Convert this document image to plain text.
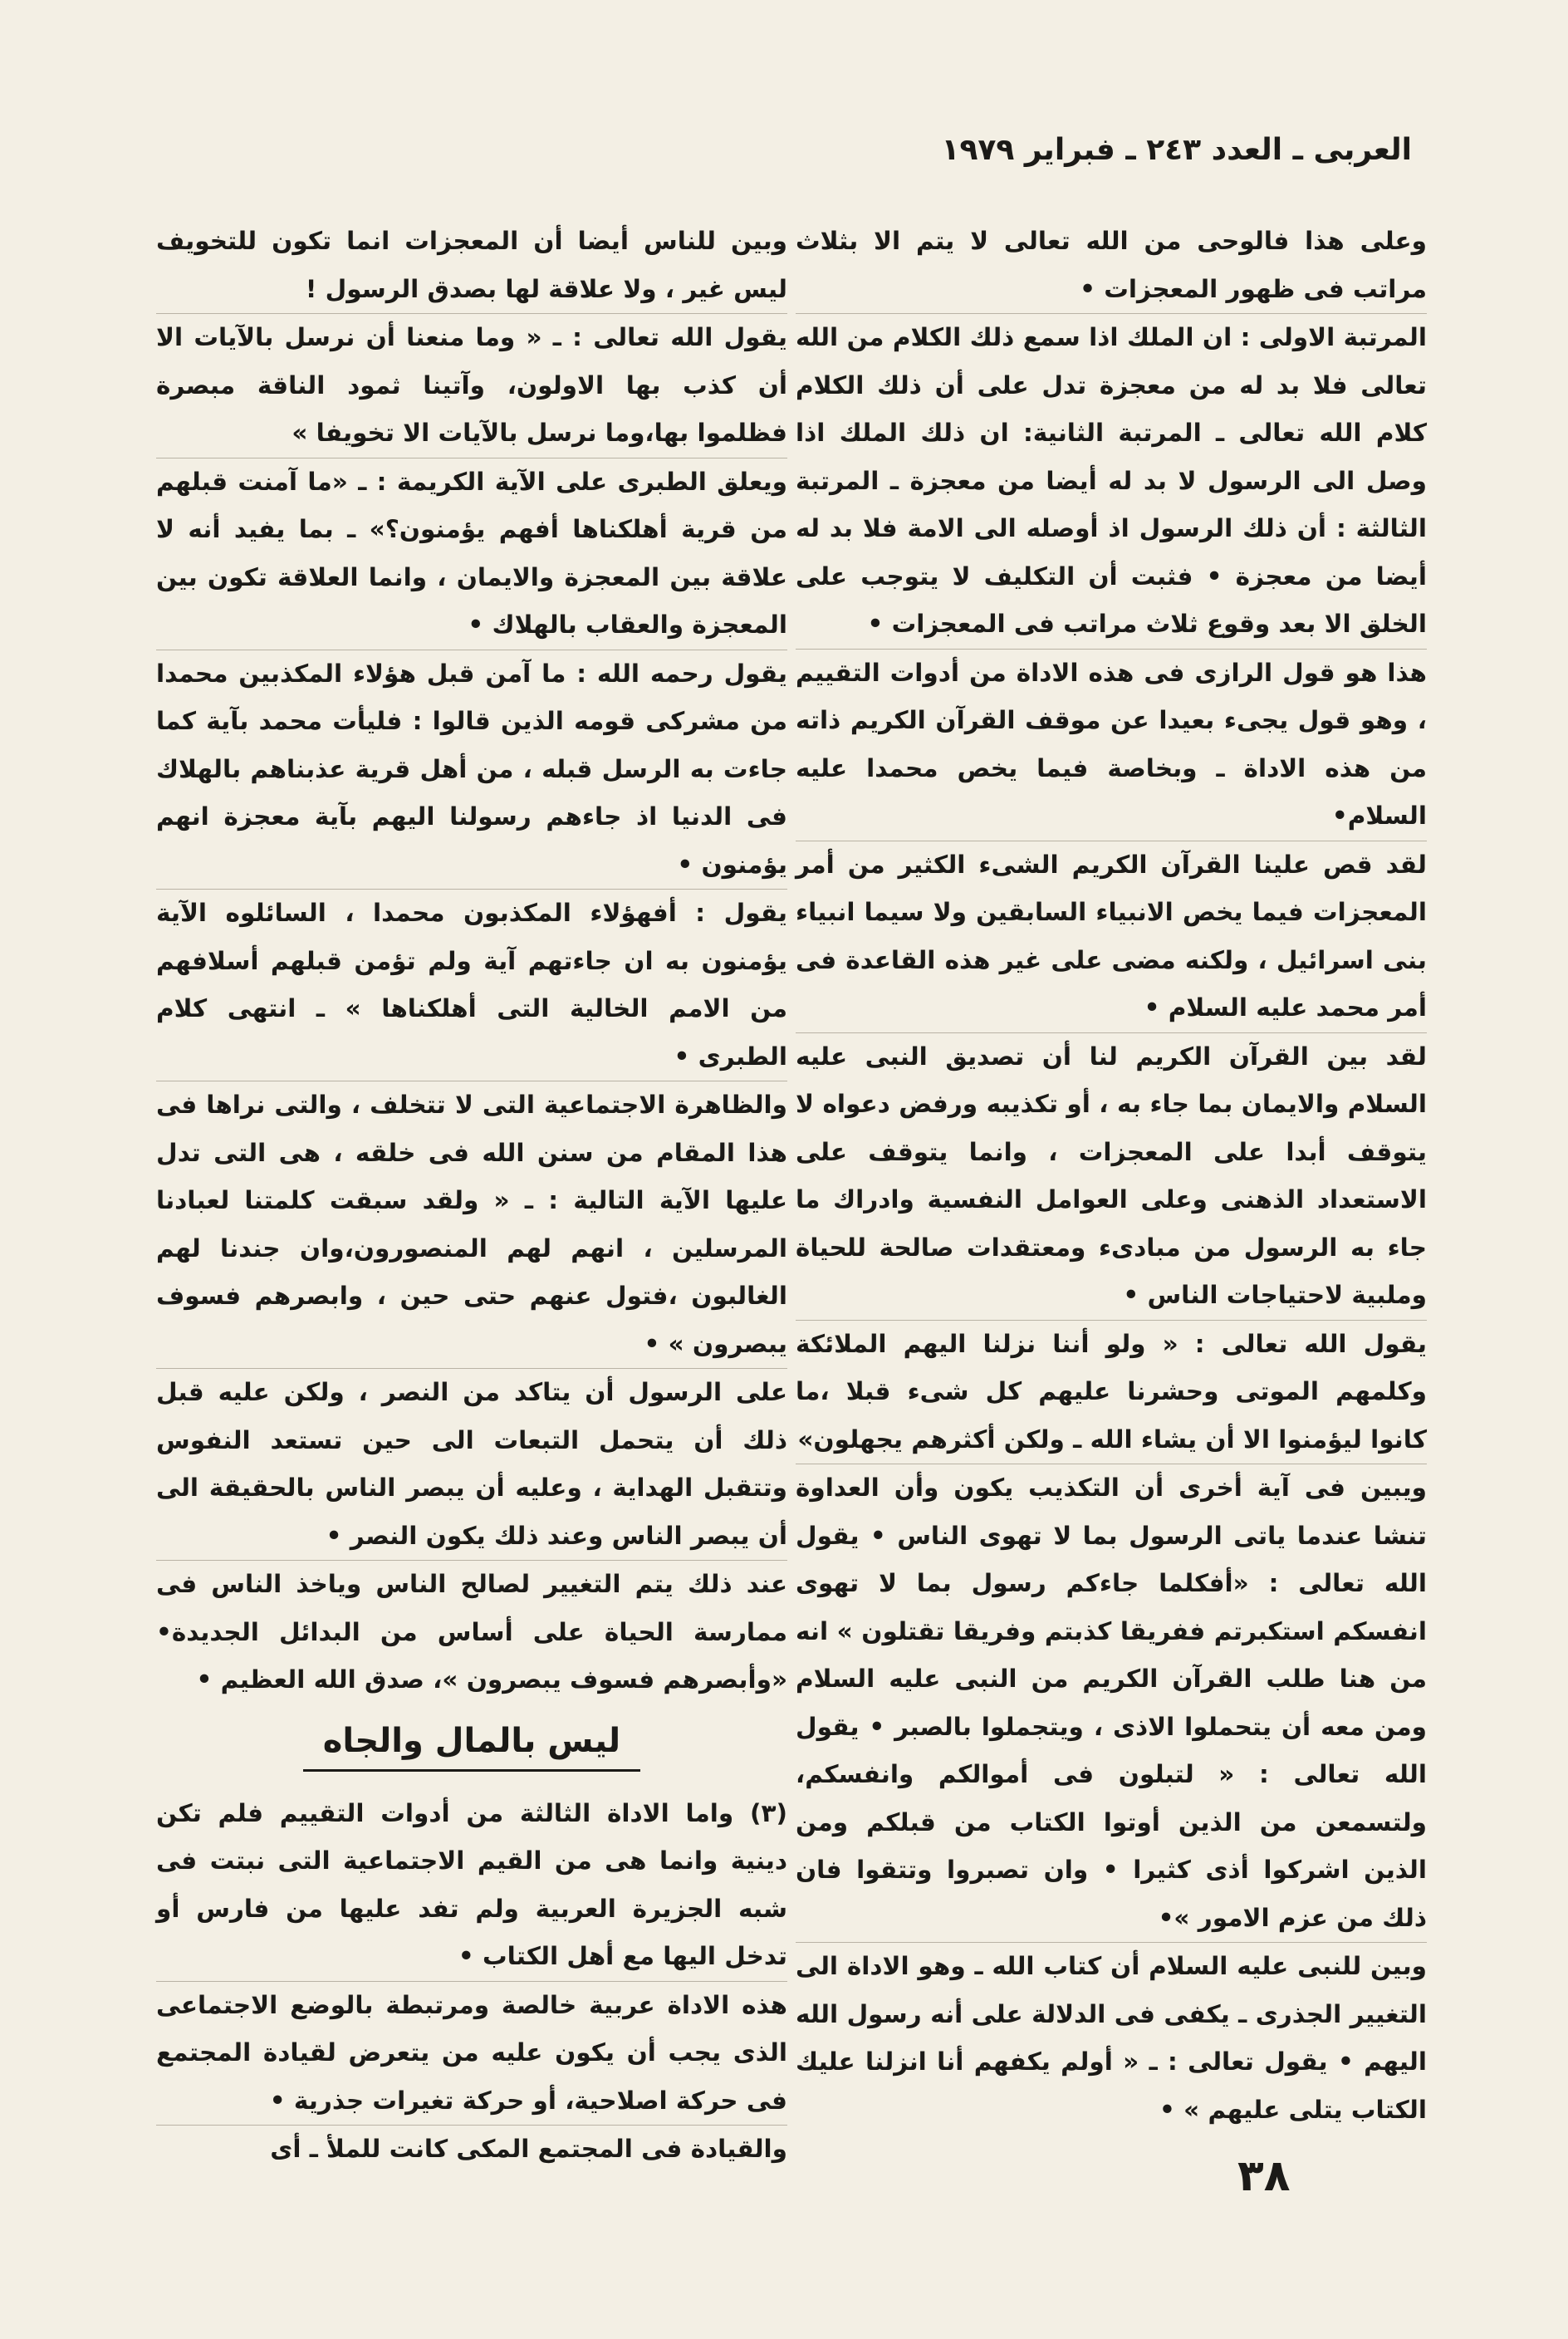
العربى ـ العدد ٢٤٣ ـ فبراير ١٩٧٩

وعلى هذا فالوحى من الله تعالى لا يتم الا بثلاث مراتب فى ظهور المعجزات •

المرتبة الاولى : ان الملك اذا سمع ذلك الكلام من الله تعالى فلا بد له من معجزة تدل على أن ذلك الكلام كلام الله تعالى ـ المرتبة الثانية: ان ذلك الملك اذا وصل الى الرسول لا بد له أيضا من معجزة ـ المرتبة الثالثة : أن ذلك الرسول اذ أوصله الى الامة فلا بد له أيضا من معجزة • فثبت أن التكليف لا يتوجب على الخلق الا بعد وقوع ثلاث مراتب فى المعجزات •

هذا هو قول الرازى فى هذه الاداة من أدوات التقييم ، وهو قول يجىء بعيدا عن موقف القرآن الكريم ذاته من هذه الاداة ـ وبخاصة فيما يخص محمدا عليه السلام•

لقد قص علينا القرآن الكريم الشىء الكثير من أمر المعجزات فيما يخص الانبياء السابقين ولا سيما انبياء بنى اسرائيل ، ولكنه مضى على غير هذه القاعدة فى أمر محمد عليه السلام •

لقد بين القرآن الكريم لنا أن تصديق النبى عليه السلام والايمان بما جاء به ، أو تكذيبه ورفض دعواه لا يتوقف أبدا على المعجزات ، وانما يتوقف على الاستعداد الذهنى وعلى العوامل النفسية وادراك ما جاء به الرسول من مبادىء ومعتقدات صالحة للحياة وملبية لاحتياجات الناس •

يقول الله تعالى : « ولو أننا نزلنا اليهم الملائكة وكلمهم الموتى وحشرنا عليهم كل شىء قبلا ،ما كانوا ليؤمنوا الا أن يشاء الله ـ ولكن أكثرهم يجهلون»

ويبين فى آية أخرى أن التكذيب يكون وأن العداوة تنشا عندما ياتى الرسول بما لا تهوى الناس • يقول الله تعالى : «أفكلما جاءكم رسول بما لا تهوى انفسكم استكبرتم ففريقا كذبتم وفريقا تقتلون » انه من هنا طلب القرآن الكريم من النبى عليه السلام ومن معه أن يتحملوا الاذى ، ويتجملوا بالصبر • يقول الله تعالى : « لتبلون فى أموالكم وانفسكم، ولتسمعن من الذين أوتوا الكتاب من قبلكم ومن الذين اشركوا أذى كثيرا • وان تصبروا وتتقوا فان ذلك من عزم الامور »•

وبين للنبى عليه السلام أن كتاب الله ـ وهو الاداة الى التغيير الجذرى ـ يكفى فى الدلالة على أنه رسول الله اليهم • يقول تعالى : ـ « أولم يكفهم أنا انزلنا عليك الكتاب يتلى عليهم » •

وبين للناس أيضا أن المعجزات انما تكون للتخويف ليس غير ، ولا علاقة لها بصدق الرسول !

يقول الله تعالى : ـ « وما منعنا أن نرسل بالآيات الا أن كذب بها الاولون، وآتينا ثمود الناقة مبصرة فظلموا بها،وما نرسل بالآيات الا تخويفا »

ويعلق الطبرى على الآية الكريمة : ـ «ما آمنت قبلهم من قرية أهلكناها أفهم يؤمنون؟» ـ بما يفيد أنه لا علاقة بين المعجزة والايمان ، وانما العلاقة تكون بين المعجزة والعقاب بالهلاك •

يقول رحمه الله : ما آمن قبل هؤلاء المكذبين محمدا من مشركى قومه الذين قالوا : فليأت محمد بآية كما جاءت به الرسل قبله ، من أهل قرية عذبناهم بالهلاك فى الدنيا اذ جاءهم رسولنا اليهم بآية معجزة انهم يؤمنون •

يقول : أفهؤلاء المكذبون محمدا ، السائلوه الآية يؤمنون به ان جاءتهم آية ولم تؤمن قبلهم أسلافهم من الامم الخالية التى أهلكناها » ـ انتهى كلام الطبرى •

والظاهرة الاجتماعية التى لا تتخلف ، والتى نراها فى هذا المقام من سنن الله فى خلقه ، هى التى تدل عليها الآية التالية : ـ « ولقد سبقت كلمتنا لعبادنا المرسلين ، انهم لهم المنصورون،وان جندنا لهم الغالبون ،فتول عنهم حتى حين ، وابصرهم فسوف يبصرون » •

على الرسول أن يتاكد من النصر ، ولكن عليه قبل ذلك أن يتحمل التبعات الى حين تستعد النفوس وتتقبل الهداية ، وعليه أن يبصر الناس بالحقيقة الى أن يبصر الناس وعند ذلك يكون النصر •

عند ذلك يتم التغيير لصالح الناس وياخذ الناس فى ممارسة الحياة على أساس من البدائل الجديدة• «وأبصرهم فسوف يبصرون »، صدق الله العظيم •

ليس بالمال والجاه

(٣) واما الاداة الثالثة من أدوات التقييم فلم تكن دينية وانما هى من القيم الاجتماعية التى نبتت فى شبه الجزيرة العربية ولم تفد عليها من فارس أو تدخل اليها مع أهل الكتاب •

هذه الاداة عربية خالصة ومرتبطة بالوضع الاجتماعى الذى يجب أن يكون عليه من يتعرض لقيادة المجتمع فى حركة اصلاحية، أو حركة تغيرات جذرية •

والقيادة فى المجتمع المكى كانت للملأ ـ أى

٣٨
